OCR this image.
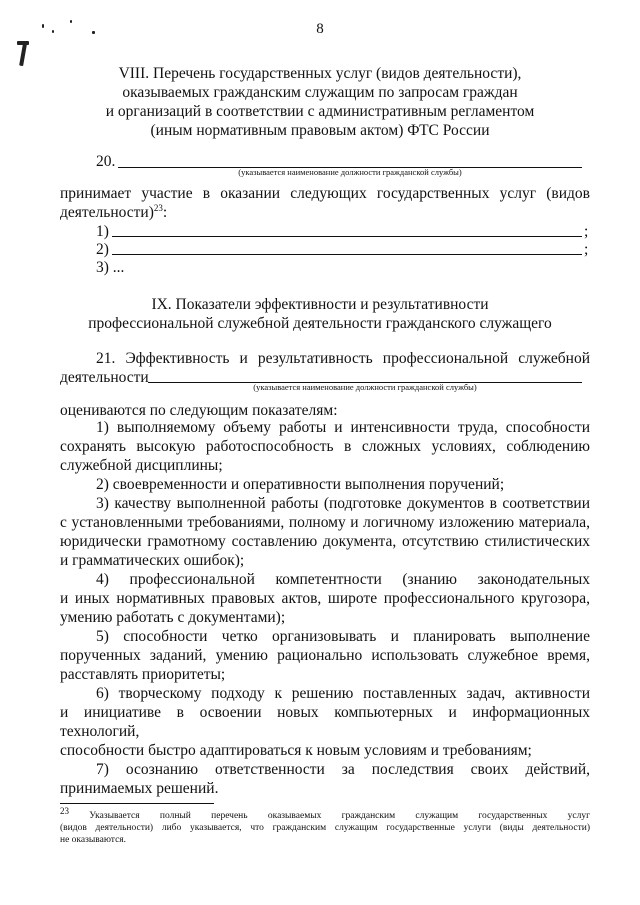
8
VIII. Перечень государственных услуг (видов деятельности),
оказываемых гражданским служащим по запросам граждан
и организаций в соответствии с административным регламентом
(иным нормативным правовым актом) ФТС России
20.
(указывается наименование должности гражданской службы)
принимает участие в оказании следующих государственных услуг (видов
деятельности)$^{23}$:
1)	;
2)	;
3) ...
IX. Показатели эффективности и результативности
профессиональной служебной деятельности гражданского служащего
21. Эффективность и результативность профессиональной служебной
деятельности
(указывается наименование должности гражданской службы)
оцениваются по следующим показателям:
1) выполняемому объему работы и интенсивности труда, способности
сохранять высокую работоспособность в сложных условиях, соблюдению
служебной дисциплины;
2) своевременности и оперативности выполнения поручений;
3) качеству выполненной работы (подготовке документов в соответствии
с установленными требованиями, полному и логичному изложению материала,
юридически грамотному составлению документа, отсутствию стилистических
и грамматических ошибок);
4) профессиональной компетентности (знанию законодательных
и иных нормативных правовых актов, широте профессионального кругозора,
умению работать с документами);
5) способности четко организовывать и планировать выполнение
порученных заданий, умению рационально использовать служебное время,
расставлять приоритеты;
6) творческому подходу к решению поставленных задач, активности
и инициативе в освоении новых компьютерных и информационных технологий,
способности быстро адаптироваться к новым условиям и требованиям;
7) осознанию ответственности за последствия своих действий,
принимаемых решений.
$^{23}$ Указывается полный перечень оказываемых гражданским служащим государственных услуг
(видов деятельности) либо указывается, что гражданским служащим государственные услуги (виды деятельности)
не оказываются.
